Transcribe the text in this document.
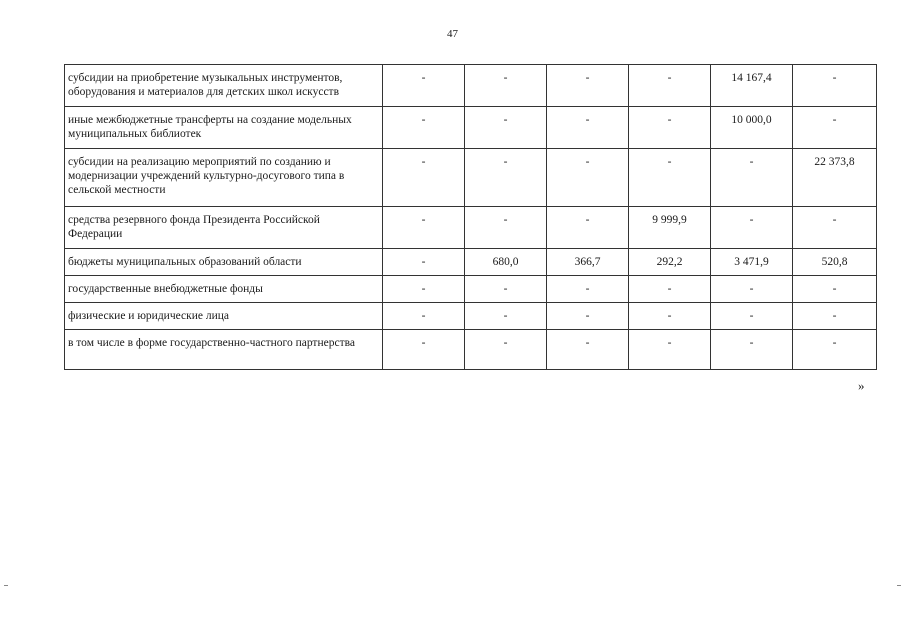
47
субсидии на приобретение музыкальных инструментов, оборудования и материалов для детских школ искусств	-	-	-	-	14 167,4	-
иные межбюджетные трансферты на создание модельных муниципальных библиотек	-	-	-	-	10 000,0	-
субсидии на реализацию мероприятий по созданию и модернизации учреждений культурно-досугового типа в сельской местности	-	-	-	-	-	22 373,8
средства резервного фонда Президента Российской Федерации	-	-	-	9 999,9	-	-
бюджеты муниципальных образований области	-	680,0	366,7	292,2	3 471,9	520,8
государственные внебюджетные фонды	-	-	-	-	-	-
физические и юридические лица	-	-	-	-	-	-
в том числе в форме государственно-частного партнерства	-	-	-	-	-	-
»
